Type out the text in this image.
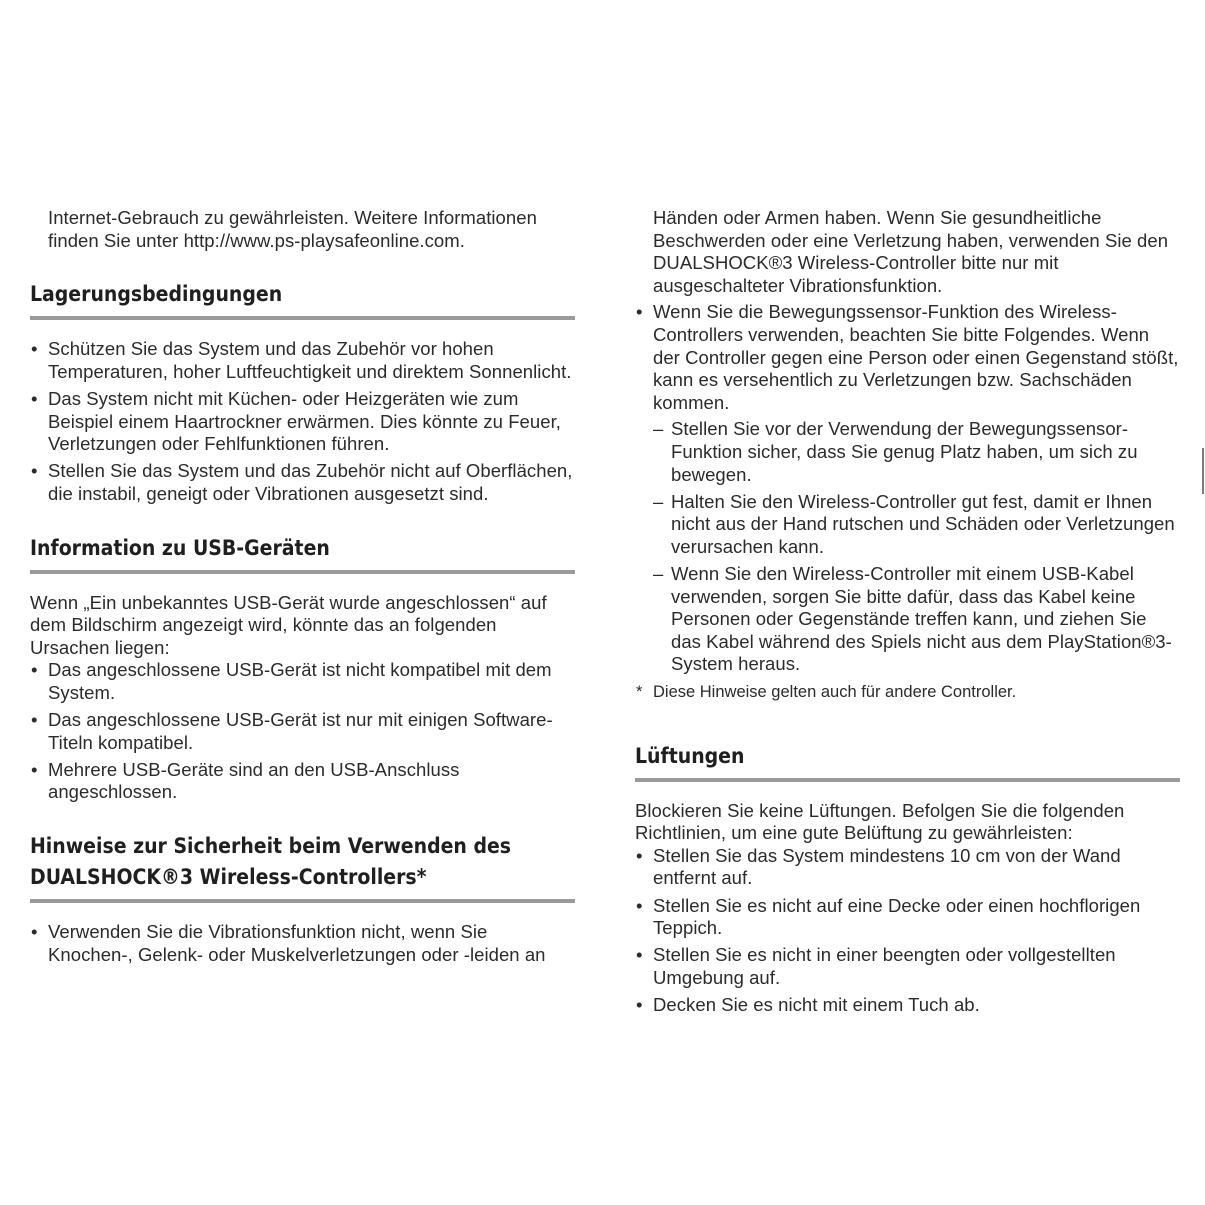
Internet-Gebrauch zu gewährleisten. Weitere Informationen

finden Sie unter http://www.ps-playsafeonline.com.

Lagerungsbedingungen
• Schützen Sie das System und das Zubehör vor hohen Temperaturen, hoher Luftfeuchtigkeit und direktem Sonnenlicht.
• Das System nicht mit Küchen- oder Heizgeräten wie zum Beispiel einem Haartrockner erwärmen. Dies könnte zu Feuer, Verletzungen oder Fehlfunktionen führen.
• Stellen Sie das System und das Zubehör nicht auf Oberflächen, die instabil, geneigt oder Vibrationen ausgesetzt sind.
Information zu USB-Geräten

Wenn „Ein unbekanntes USB-Gerät wurde angeschlossen“ auf dem Bildschirm angezeigt wird, könnte das an folgenden Ursachen liegen:

• Das angeschlossene USB-Gerät ist nicht kompatibel mit dem System.
• Das angeschlossene USB-Gerät ist nur mit einigen Software-Titeln kompatibel.
• Mehrere USB-Geräte sind an den USB-Anschluss angeschlossen.
Hinweise zur Sicherheit beim Verwenden des
DUALSHOCK®3 Wireless-Controllers*
• Verwenden Sie die Vibrationsfunktion nicht, wenn Sie Knochen-, Gelenk- oder Muskelverletzungen oder -leiden an

Händen oder Armen haben. Wenn Sie gesundheitliche Beschwerden oder eine Verletzung haben, verwenden Sie den DUALSHOCK®3 Wireless-Controller bitte nur mit ausgeschalteter Vibrationsfunktion.

• Wenn Sie die Bewegungssensor-Funktion des Wireless-Controllers verwenden, beachten Sie bitte Folgendes. Wenn der Controller gegen eine Person oder einen Gegenstand stößt, kann es versehentlich zu Verletzungen bzw. Sachschäden kommen.
– Stellen Sie vor der Verwendung der Bewegungssensor-Funktion sicher, dass Sie genug Platz haben, um sich zu bewegen.
– Halten Sie den Wireless-Controller gut fest, damit er Ihnen nicht aus der Hand rutschen und Schäden oder Verletzungen verursachen kann.
– Wenn Sie den Wireless-Controller mit einem USB-Kabel verwenden, sorgen Sie bitte dafür, dass das Kabel keine Personen oder Gegenstände treffen kann, und ziehen Sie das Kabel während des Spiels nicht aus dem PlayStation®3-System heraus.
* Diese Hinweise gelten auch für andere Controller.
Lüftungen

Blockieren Sie keine Lüftungen. Befolgen Sie die folgenden Richtlinien, um eine gute Belüftung zu gewährleisten:

• Stellen Sie das System mindestens 10 cm von der Wand entfernt auf.
• Stellen Sie es nicht auf eine Decke oder einen hochflorigen Teppich.
• Stellen Sie es nicht in einer beengten oder vollgestellten Umgebung auf.
• Decken Sie es nicht mit einem Tuch ab.
